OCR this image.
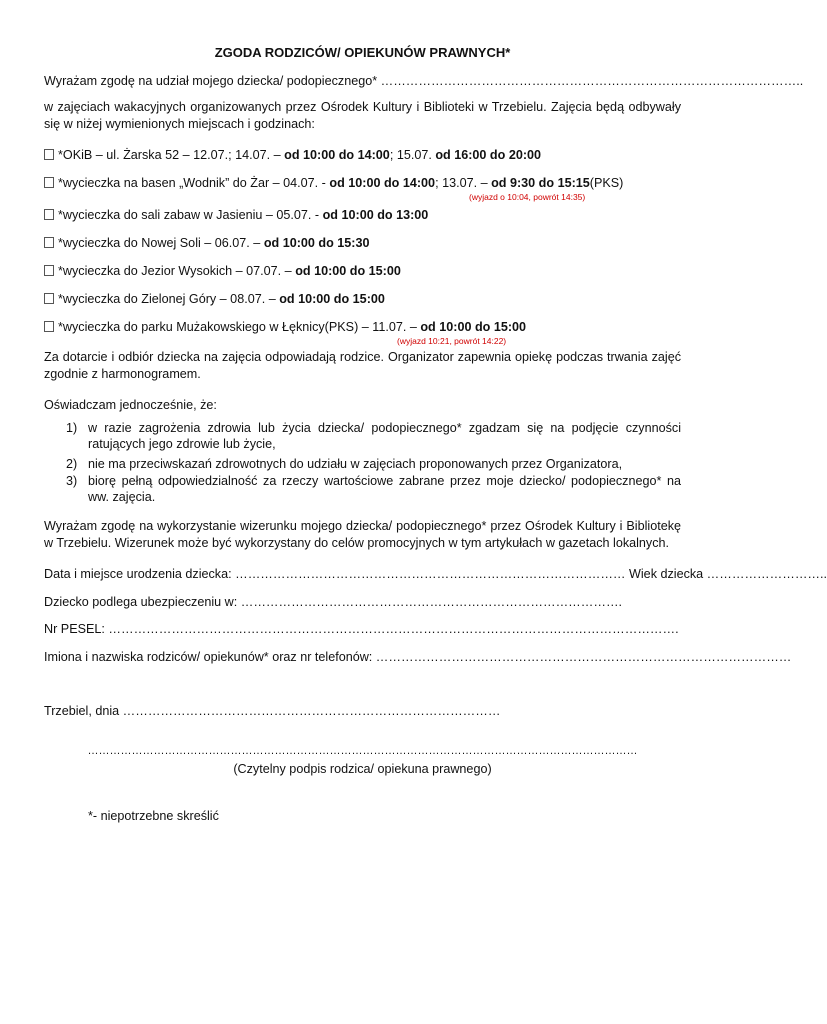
ZGODA RODZICÓW/ OPIEKUNÓW PRAWNYCH*
Wyrażam zgodę na udział mojego dziecka/ podopiecznego* ………………………………………………………………………………………..
w zajęciach wakacyjnych organizowanych przez Ośrodek Kultury i Biblioteki w Trzebielu. Zajęcia będą odbywały się w niżej wymienionych miejscach i godzinach:
*OKiB – ul. Żarska 52 – 12.07.; 14.07. – od 10:00 do 14:00; 15.07. od 16:00 do 20:00
*wycieczka na basen „Wodnik” do Żar – 04.07. - od 10:00 do 14:00; 13.07. – od 9:30 do 15:15(PKS)
(wyjazd o 10:04, powrót 14:35)
*wycieczka do sali zabaw w Jasieniu – 05.07. - od 10:00 do 13:00
*wycieczka do Nowej Soli – 06.07. – od 10:00 do 15:30
*wycieczka do Jezior Wysokich – 07.07. – od 10:00 do 15:00
*wycieczka do Zielonej Góry – 08.07. – od 10:00 do 15:00
*wycieczka do parku Mużakowskiego w Łęknicy(PKS) – 11.07. – od 10:00 do 15:00
(wyjazd 10:21, powrót 14:22)
Za dotarcie i odbiór dziecka na zajęcia odpowiadają rodzice. Organizator zapewnia opiekę podczas trwania zajęć zgodnie z harmonogramem.
Oświadczam jednocześnie, że:
1) w razie zagrożenia zdrowia lub życia dziecka/ podopiecznego* zgadzam się na podjęcie czynności ratujących jego zdrowie lub życie,
2) nie ma przeciwskazań zdrowotnych do udziału w zajęciach proponowanych przez Organizatora,
3) biorę pełną odpowiedzialność za rzeczy wartościowe zabrane przez moje dziecko/ podopiecznego* na ww. zajęcia.
Wyrażam zgodę na wykorzystanie wizerunku mojego dziecka/ podopiecznego* przez Ośrodek Kultury i Bibliotekę w Trzebielu. Wizerunek może być wykorzystany do celów promocyjnych w tym artykułach w gazetach lokalnych.
Data i miejsce urodzenia dziecka: ………………………………………………………………………………… Wiek dziecka ………………………..
Dziecko podlega ubezpieczeniu w: ……………………………………………………………………………….
Nr PESEL: ……………………………………………………………………………………………………………………….
Imiona i nazwiska rodziców/ opiekunów* oraz nr telefonów: ………………………………………………………………………………………
Trzebiel, dnia ………………………………………………………………………………
……………………………………………………………………………………………………………………………………
(Czytelny podpis rodzica/ opiekuna prawnego)
*- niepotrzebne skreślić
